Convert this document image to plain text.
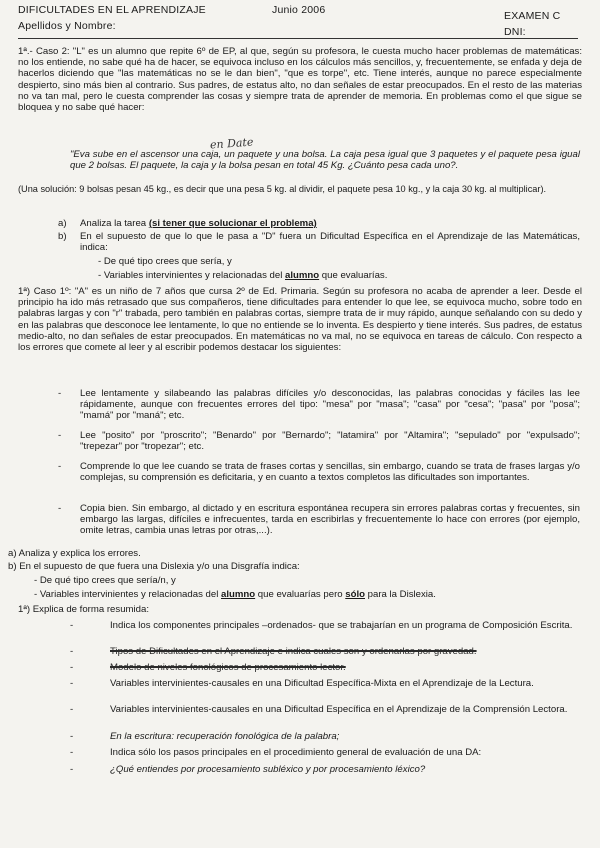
DIFICULTADES EN EL APRENDIZAJE	Junio 2006	EXAMEN C
Apellidos y Nombre:	DNI:
1ª.- Caso 2: "L" es un alumno que repite 6º de EP, al que, según su profesora, le cuesta mucho hacer problemas de matemáticas: no los entiende, no sabe qué ha de hacer, se equivoca incluso en los cálculos más sencillos, y, frecuentemente, se enfada y deja de hacerlos diciendo que "las matemáticas no se le dan bien", "que es torpe", etc. Tiene interés, aunque no parece especialmente despierto, sino más bien al contrario. Sus padres, de estatus alto, no dan señales de estar preocupados. En el resto de las materias no va tan mal, pero le cuesta comprender las cosas y siempre trata de aprender de memoria. En problemas como el que sigue se bloquea y no sabe qué hacer:
en Date
"Eva sube en el ascensor una caja, un paquete y una bolsa. La caja pesa igual que 3 paquetes y el paquete pesa igual que 2 bolsas. El paquete, la caja y la bolsa pesan en total 45 Kg. ¿Cuánto pesa cada uno?.
(Una solución: 9 bolsas pesan 45 kg., es decir que una pesa 5 kg. al dividir, el paquete pesa 10 kg., y la caja 30 kg. al multiplicar).
a) Analiza la tarea (si tener que solucionar el problema)
b) En el supuesto de que lo que le pasa a "D" fuera un Dificultad Específica en el Aprendizaje de las Matemáticas, indica:
- De qué tipo crees que sería, y
- Variables intervinientes y relacionadas del alumno que evaluarías.
1ª) Caso 1º: "A" es un niño de 7 años que cursa 2º de Ed. Primaria. Según su profesora no acaba de aprender a leer. Desde el principio ha ido más retrasado que sus compañeros, tiene dificultades para entender lo que lee, se equivoca mucho, sobre todo en palabras largas y con "r" trabada, pero también en palabras cortas, siempre trata de ir muy rápido, aunque señalando con su dedo y en las palabras que desconoce lee lentamente, lo que no entiende se lo inventa. Es despierto y tiene interés. Sus padres, de estatus medio-alto, no dan señales de estar preocupados. En matemáticas no va mal, no se equivoca en tareas de cálculo. Con respecto a los errores que comete al leer y al escribir podemos destacar los siguientes:
- Lee lentamente y silabeando las palabras difíciles y/o desconocidas, las palabras conocidas y fáciles las lee rápidamente, aunque con frecuentes errores del tipo: "mesa" por "masa"; "casa" por "cesa"; "pasa" por "posa"; "mamá" por "maná"; etc.
- Lee "posito" por "proscrito"; "Benardo" por "Bernardo"; "latamira" por "Altamira"; "sepulado" por "expulsado"; "trepezar" por "tropezar"; etc.
- Comprende lo que lee cuando se trata de frases cortas y sencillas, sin embargo, cuando se trata de frases largas y/o complejas, su comprensión es deficitaria, y en cuanto a textos completos las dificultades son importantes.
- Copia bien. Sin embargo, al dictado y en escritura espontánea recupera sin errores palabras cortas y frecuentes, sin embargo las largas, difíciles e infrecuentes, tarda en escribirlas y frecuentemente lo hace con errores (por ejemplo, omite letras, cambia unas letras por otras,...).
a) Analiza y explica los errores.
b) En el supuesto de que fuera una Dislexia y/o una Disgrafía indica:
- De qué tipo crees que sería/n, y
- Variables intervinientes y relacionadas del alumno que evaluarías pero sólo para la Dislexia.
1ª) Explica de forma resumida:
-	Indica los componentes principales –ordenados- que se trabajarían en un programa de Composición Escrita.
-	Tipos de Dificultades en el Aprendizaje e indica cuales son y ordenarlas por gravedad.
-	Modelo de niveles fonológicos de procesamiento lector.
-	Variables intervinientes-causales en una Dificultad Específica-Mixta en el Aprendizaje de la Lectura.
-	Variables intervinientes-causales en una Dificultad Específica en el Aprendizaje de la Comprensión Lectora.
-	En la escritura: recuperación fonológica de la palabra;
-	Indica sólo los pasos principales en el procedimiento general de evaluación de una DA:
-	¿Qué entiendes por procesamiento subléxico y por procesamiento léxico?
